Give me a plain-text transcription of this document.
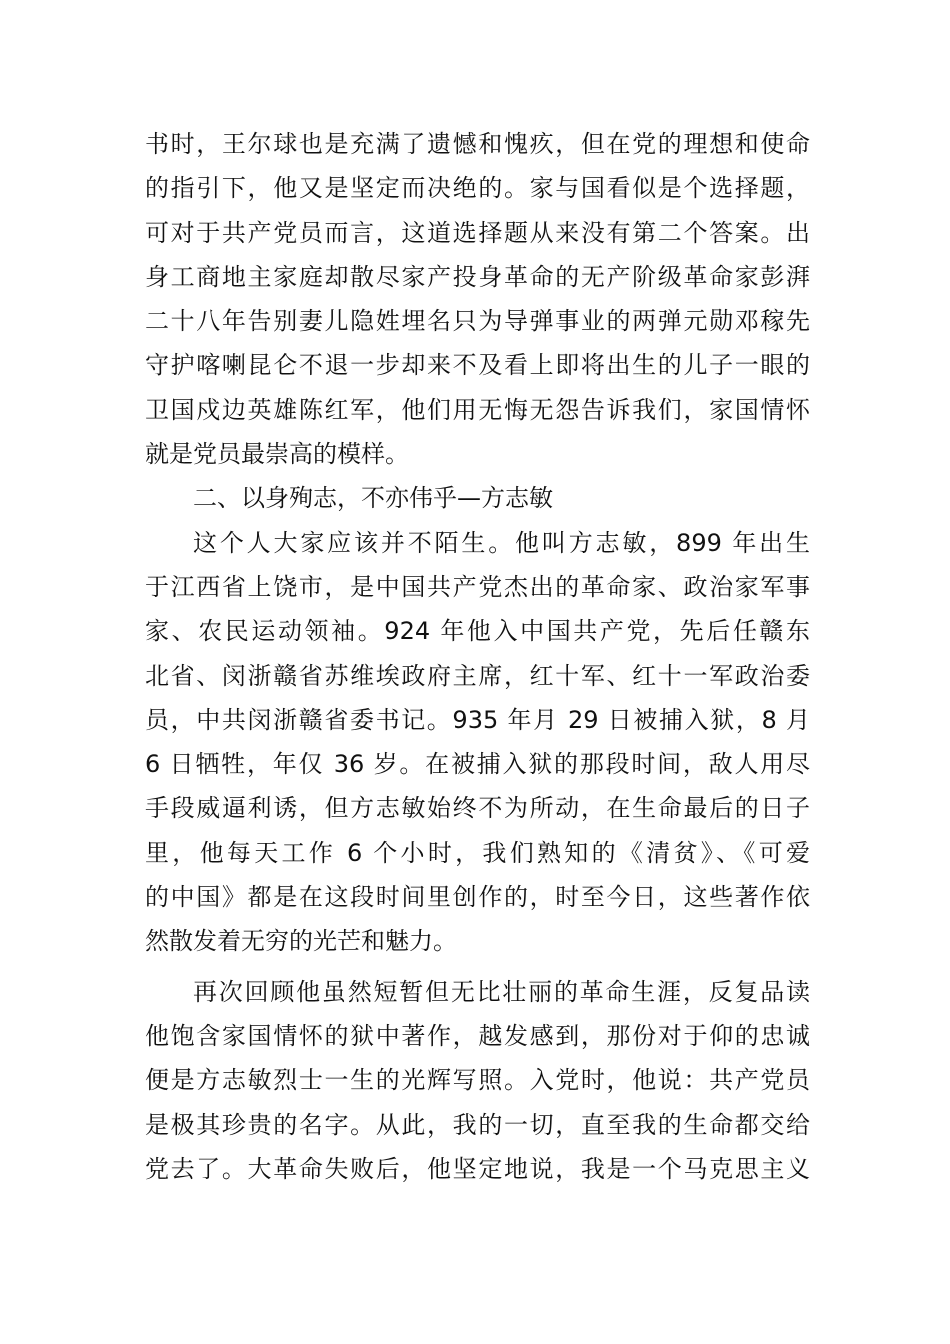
书时，王尔球也是充满了遗憾和愧疚，但在党的理想和使命
的指引下，他又是坚定而决绝的。家与国看似是个选择题，
可对于共产党员而言，这道选择题从来没有第二个答案。出
身工商地主家庭却散尽家产投身革命的无产阶级革命家彭湃
二十八年告别妻儿隐姓埋名只为导弹事业的两弹元勋邓稼先
守护喀喇昆仑不退一步却来不及看上即将出生的儿子一眼的
卫国戍边英雄陈红军，他们用无悔无怨告诉我们，家国情怀
就是党员最崇高的模样。
二、以身殉志，不亦伟乎—方志敏
这个人大家应该并不陌生。他叫方志敏，899 年出生
于江西省上饶市，是中国共产党杰出的革命家、政治家军事
家、农民运动领袖。924 年他入中国共产党，先后任赣东
北省、闵浙赣省苏维埃政府主席，红十军、红十一军政治委
员，中共闵浙赣省委书记。935 年月 29 日被捕入狱，8 月
6 日牺牲，年仅 36 岁。在被捕入狱的那段时间，敌人用尽
手段威逼利诱，但方志敏始终不为所动，在生命最后的日子
里，他每天工作 6 个小时，我们熟知的《清贫》、《可爱
的中国》都是在这段时间里创作的，时至今日，这些著作依
然散发着无穷的光芒和魅力。
再次回顾他虽然短暂但无比壮丽的革命生涯，反复品读
他饱含家国情怀的狱中著作，越发感到，那份对于仰的忠诚
便是方志敏烈士一生的光辉写照。入党时，他说：共产党员
是极其珍贵的名字。从此，我的一切，直至我的生命都交给
党去了。大革命失败后，他坚定地说，我是一个马克思主义
